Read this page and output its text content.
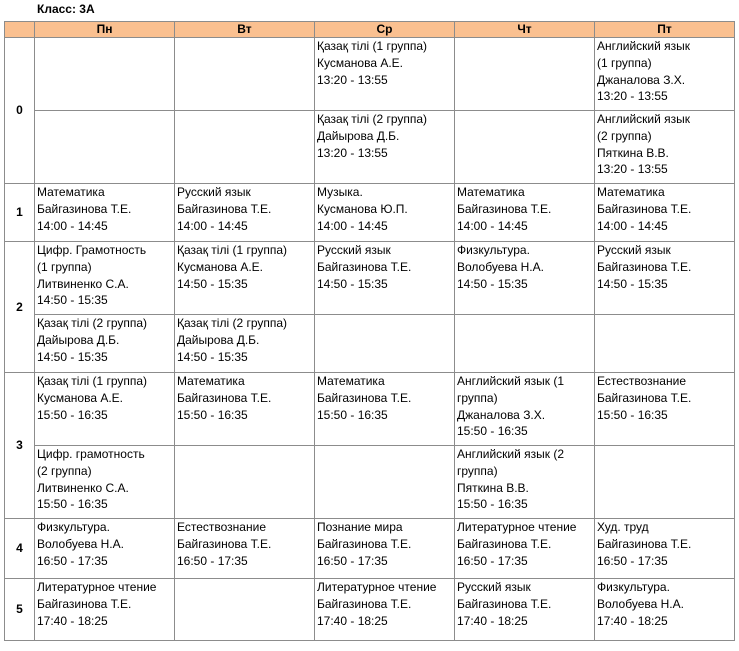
Класс: 3А
	Пн	Вт	Ср	Чт	Пт
0			Қазақ тілі (1 группа)
Кусманова А.Е.
13:20 - 13:55		Английский язык
(1 группа)
Джаналова З.Х.
13:20 - 13:55

			Қазақ тілі (2 группа)
Дайырова Д.Б.
13:20 - 13:55		Английский язык
(2 группа)
Пяткина В.В.
13:20 - 13:55

1	Математика
Байгазинова Т.Е.
14:00 - 14:45	Русский язык
Байгазинова Т.Е.
14:00 - 14:45	Музыка.
Кусманова Ю.П.
14:00 - 14:45	Математика
Байгазинова Т.Е.
14:00 - 14:45	Математика
Байгазинова Т.Е.
14:00 - 14:45

2	Цифр. Грамотность
(1 группа)
Литвиненко С.А.
14:50 - 15:35	Қазақ тілі (1 группа)
Кусманова А.Е.
14:50 - 15:35	Русский язык
Байгазинова Т.Е.
14:50 - 15:35	Физкультура.
Волобуева Н.А.
14:50 - 15:35	Русский язык
Байгазинова Т.Е.
14:50 - 15:35

	Қазақ тілі (2 группа)
Дайырова Д.Б.
14:50 - 15:35	Қазақ тілі (2 группа)
Дайырова Д.Б.
14:50 - 15:35			

3	Қазақ тілі (1 группа)
Кусманова А.Е.
15:50 - 16:35	Математика
Байгазинова Т.Е.
15:50 - 16:35	Математика
Байгазинова Т.Е.
15:50 - 16:35	Английский язык (1
группа)
Джаналова З.Х.
15:50 - 16:35	Естествознание
Байгазинова Т.Е.
15:50 - 16:35

	Цифр. грамотность
(2 группа)
Литвиненко С.А.
15:50 - 16:35			Английский язык (2
группа)
Пяткина В.В.
15:50 - 16:35	

4	Физкультура.
Волобуева Н.А.
16:50 - 17:35	Естествознание
Байгазинова Т.Е.
16:50 - 17:35	Познание мира
Байгазинова Т.Е.
16:50 - 17:35	Литературное чтение
Байгазинова Т.Е.
16:50 - 17:35	Худ. труд
Байгазинова Т.Е.
16:50 - 17:35

5	Литературное чтение
Байгазинова Т.Е.
17:40 - 18:25		Литературное чтение
Байгазинова Т.Е.
17:40 - 18:25	Русский язык
Байгазинова Т.Е.
17:40 - 18:25	Физкультура.
Волобуева Н.А.
17:40 - 18:25
